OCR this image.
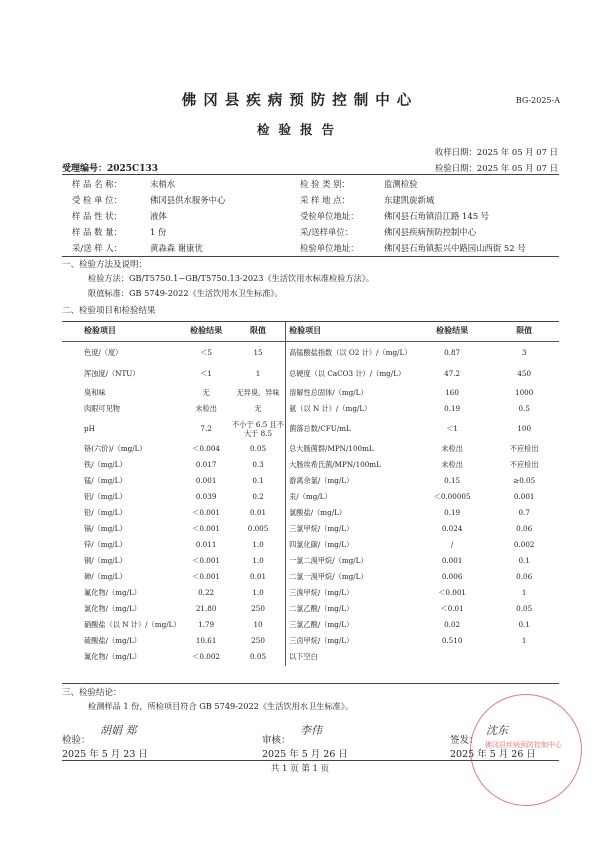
佛冈县疾病预防控制中心	BG-2025-A
检验报告
收样日期：2025 年 05 月 07 日
检验日期：2025 年 05 月 07 日
受理编号：2025C133
样 品 名 称：	末梢水	检 验 类 别：	监测检验
受 检 单 位：	佛冈县供水服务中心	采 样 地 点：	东建凯旋新城
样 品 性 状：	液体	受检单位地址：	佛冈县石角镇沿江路 145 号
样 品 数 量：	1 份	采/送样单位：	佛冈县疾病预防控制中心
采/送 样 人：	黄淼森 谢康优	检验单位地址：	佛冈县石角镇振兴中路园山西街 52 号
一、检验方法及说明：
检验方法：GB/T5750.1~GB/T5750.13-2023《生活饮用水标准检验方法》。
限值标准：GB 5749-2022《生活饮用水卫生标准》。
二、检验项目和检验结果
检验项目	检验结果	限值	检验项目	检验结果	限值
色度/（度）	＜5	15	高锰酸盐指数（以 O2 计）/（mg/L）	0.87	3
浑浊度/（NTU）	＜1	1	总硬度（以 CaCO3 计）/（mg/L）	47.2	450
臭和味	无	无异臭、异味	溶解性总固体/（mg/L）	160	1000
肉眼可见物	未检出	无	氨（以 N 计）/（mg/L）	0.19	0.5
pH	7.2	不小于 6.5 且不大于 8.5	菌落总数/CFU/mL	＜1	100
铬(六价)/（mg/L）	＜0.004	0.05	总大肠菌群/MPN/100mL	未检出	不应检出
铁/（mg/L）	0.017	0.3	大肠埃希氏菌/MPN/100mL	未检出	不应检出
锰/（mg/L）	0.001	0.1	游离余氯/（mg/L）	0.15	≥0.05
铝/（mg/L）	0.039	0.2	汞/（mg/L）	＜0.00005	0.001
铅/（mg/L）	＜0.001	0.01	氯酸盐/（mg/L）	0.19	0.7
镉/（mg/L）	＜0.001	0.005	三氯甲烷/（mg/L）	0.024	0.06
锌/（mg/L）	0.011	1.0	四氯化碳/（mg/L）	/	0.002
铜/（mg/L）	＜0.001	1.0	一氯二溴甲烷/（mg/L）	0.001	0.1
砷/（mg/L）	＜0.001	0.01	二氯一溴甲烷/（mg/L）	0.006	0.06
氟化物/（mg/L）	0.22	1.0	三溴甲烷/（mg/L）	＜0.001	1
氯化物/（mg/L）	21.80	250	二氯乙酸/（mg/L）	＜0.01	0.05
硝酸盐（以 N 计）/（mg/L）	1.79	10	三氯乙酸/（mg/L）	0.02	0.1
硫酸盐/（mg/L）	10.61	250	三卤甲烷/（mg/L）	0.510	1
氰化物/（mg/L）	＜0.002	0.05	以下空白		
三、检验结论：
检测样品 1 份，所检项目符合 GB 5749-2022《生活饮用水卫生标准》。
佛冈县疾病预防控制中心
检验：
胡娟 郑
审核：
李伟
签发：
沈东
2025 年 5 月 23 日	2025 年 5 月 26 日	2025 年 5 月 26 日
共 1 页 第 1 页
